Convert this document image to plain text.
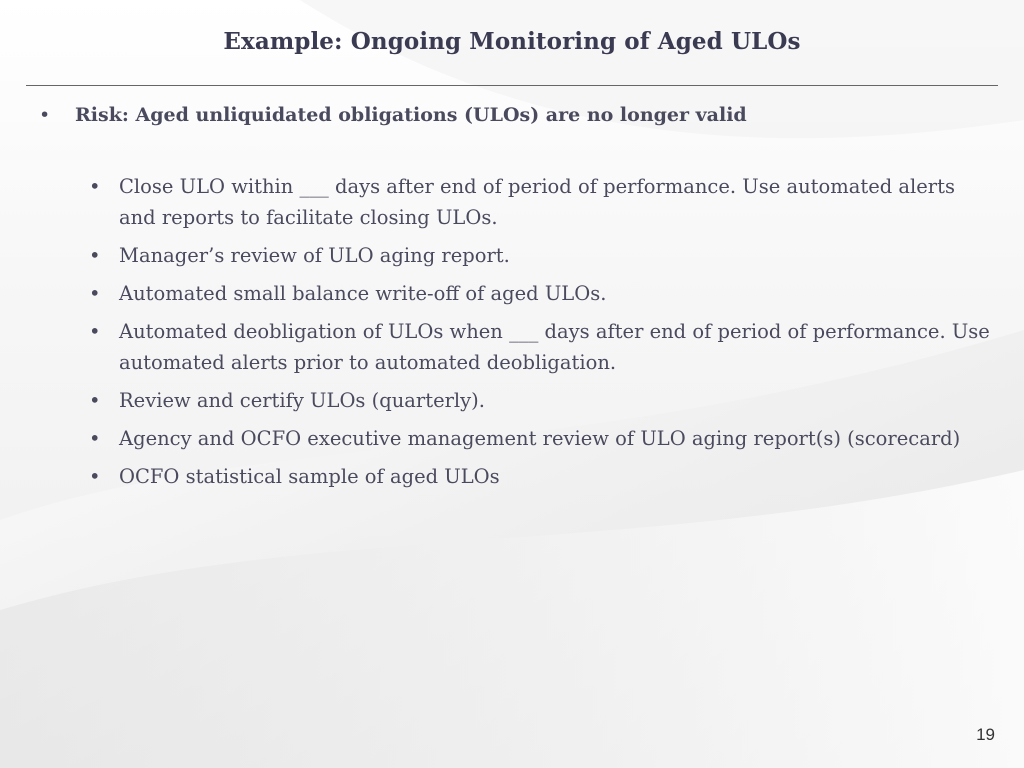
Example: Ongoing Monitoring of Aged ULOs
• Risk: Aged unliquidated obligations (ULOs) are no longer valid
• Close ULO within ___ days after end of period of performance. Use automated alerts and reports to facilitate closing ULOs.
• Manager’s review of ULO aging report.
• Automated small balance write-off of aged ULOs.
• Automated deobligation of ULOs when ___ days after end of period of performance. Use automated alerts prior to automated deobligation.
• Review and certify ULOs (quarterly).
• Agency and OCFO executive management review of ULO aging report(s) (scorecard)
• OCFO statistical sample of aged ULOs
19
